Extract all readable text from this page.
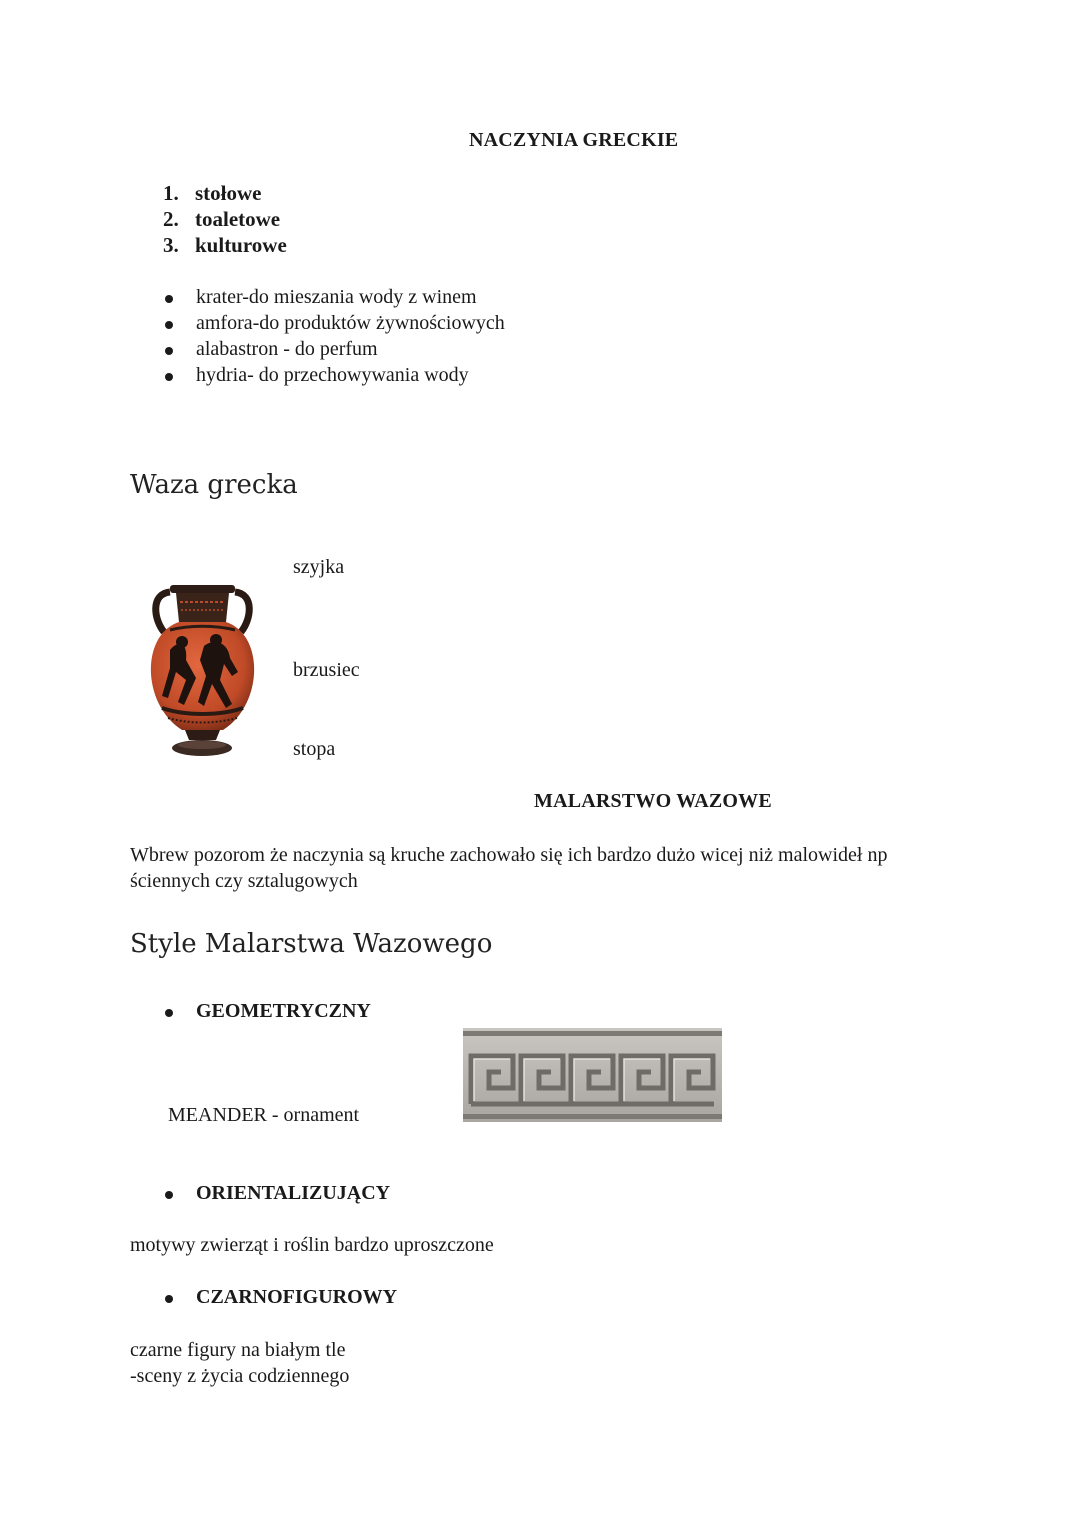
NACZYNIA GRECKIE
1. stołowe
2. toaletowe
3. kulturowe
krater-do mieszania wody z winem
amfora-do produktów żywnościowych
alabastron - do perfum
hydria- do przechowywania wody
Waza grecka
szyjka
brzusiec
stopa
MALARSTWO WAZOWE
Wbrew pozorom że naczynia są kruche zachowało się ich bardzo dużo wicej niż malowideł np ściennych czy sztalugowych
Style Malarstwa Wazowego
GEOMETRYCZNY
MEANDER - ornament
ORIENTALIZUJĄCY
motywy zwierząt i roślin bardzo uproszczone
CZARNOFIGUROWY
czarne figury na białym tle
-sceny z życia codziennego
